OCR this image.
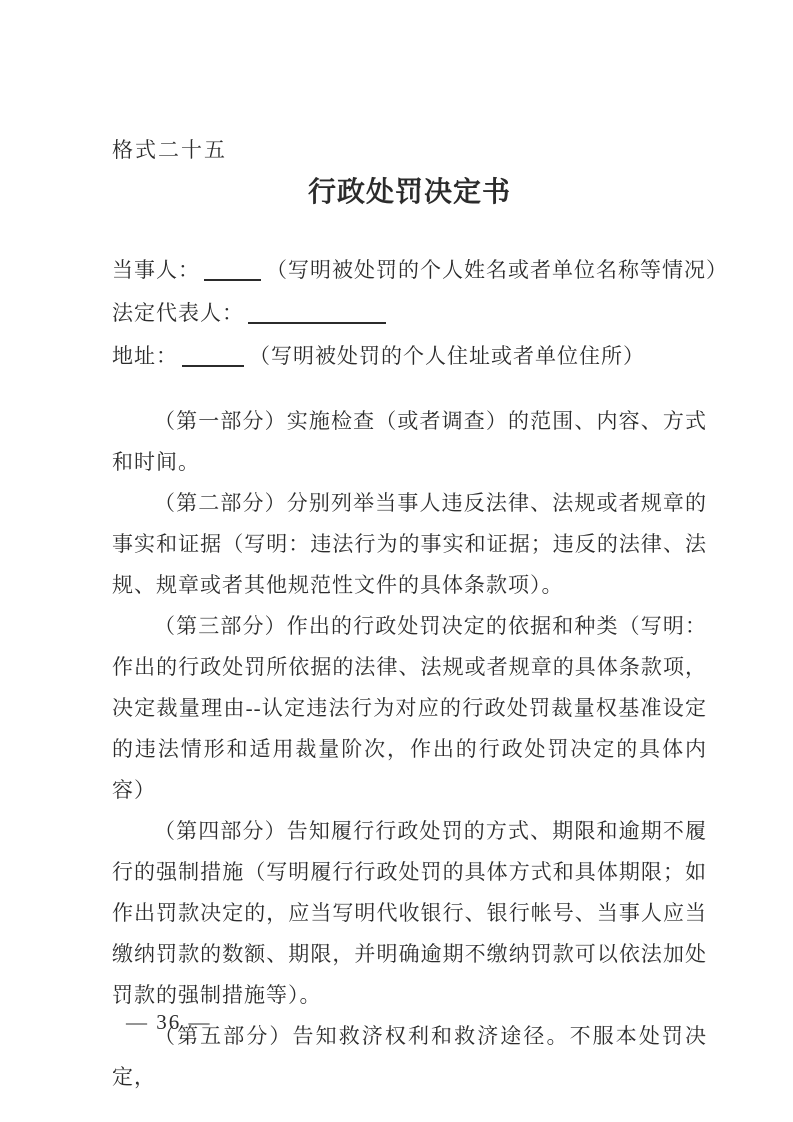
格式二十五
行政处罚决定书
当事人：	（写明被处罚的个人姓名或者单位名称等情况）
法定代表人：
地址：	（写明被处罚的个人住址或者单位住所）

（第一部分）实施检查（或者调查）的范围、内容、方式和时间。

（第二部分）分别列举当事人违反法律、法规或者规章的事实和证据（写明：违法行为的事实和证据；违反的法律、法规、规章或者其他规范性文件的具体条款项）。

（第三部分）作出的行政处罚决定的依据和种类（写明：作出的行政处罚所依据的法律、法规或者规章的具体条款项，决定裁量理由--认定违法行为对应的行政处罚裁量权基准设定的违法情形和适用裁量阶次，作出的行政处罚决定的具体内容）

（第四部分）告知履行行政处罚的方式、期限和逾期不履行的强制措施（写明履行行政处罚的具体方式和具体期限；如作出罚款决定的，应当写明代收银行、银行帐号、当事人应当缴纳罚款的数额、期限，并明确逾期不缴纳罚款可以依法加处罚款的强制措施等）。

（第五部分）告知救济权利和救济途径。不服本处罚决定，

— 36 —
